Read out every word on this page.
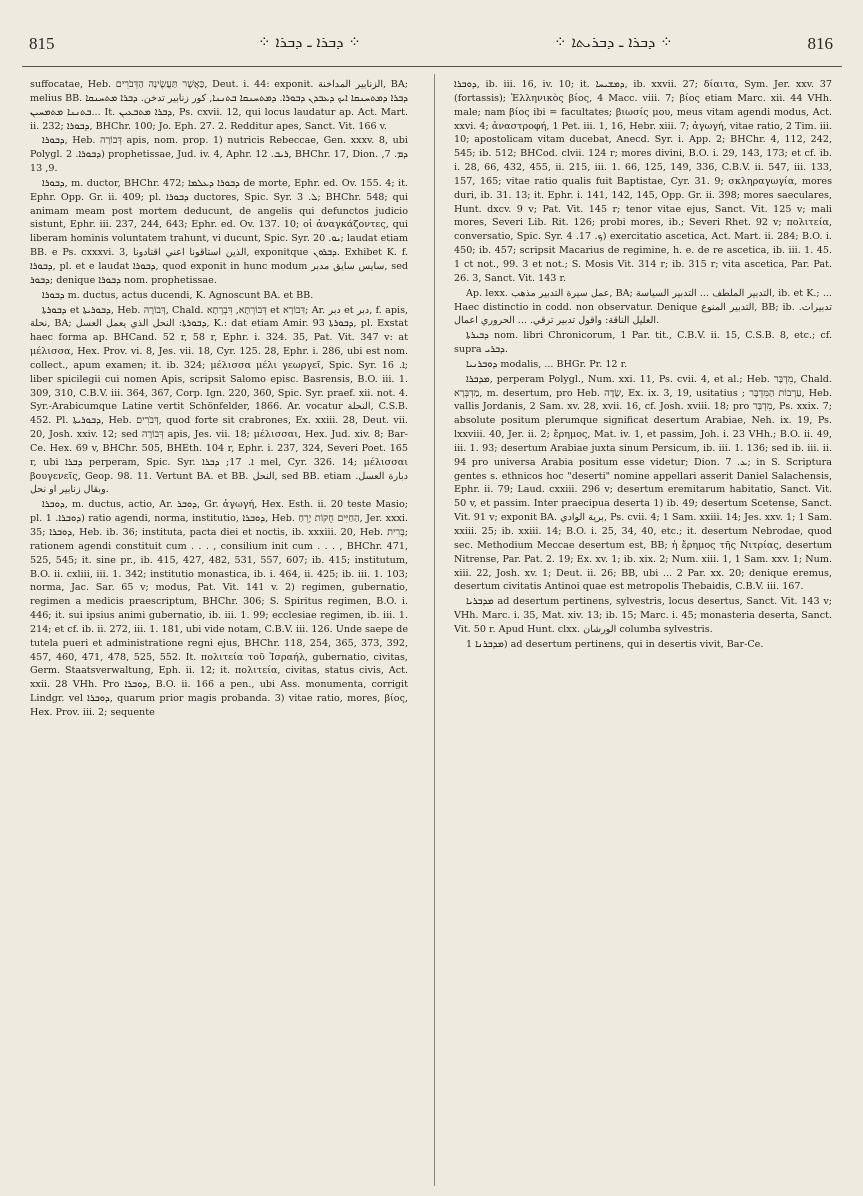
815	⁘ ܕܒܪܐ ـ ܕܒܪܐ ⁘	⁘ ܕܒܪܐ ـ ܕܒܪܝܬܐ ⁘	816

suffocatae, Heb. כַּאֲשֶׁר תַּעֲשֶׂינָה הַדְּבֹרִים, Deut. i. 44: exponit. الزنابير المداخنة, BA; melius BB. ܕܒܪܐ ܕܡܬܚܢܩܐ ܐܝܟ ܕܥܒܕܢ ܕܒܘܪܐ. ܕܡܬܚܢܩܐ ܒܬܢܢܐ, كور زنابير تدخن. ܕܒܪܐ ܡܬܚܢܩܐ ܒܬܢܢܐ ܡܬܡܚܝܢ... It. ܕܒܪܐ ܡܬܒܥܝܢ, Ps. cxvii. 12, qui locus laudatur ap. Act. Mart. ii. 232; ܕܒܘܪܐ, BHChr. 100; Jo. Eph. 27. 2. Redditur apes, Sanct. Vit. 166 v.

ܕܒܘܪܐ, Heb. דְּבוֹרָה apis, nom. prop. 1) nutricis Rebeccae, Gen. xxxv. 8, ubi Polygl. ܕܒܘܪܐ. 2) prophetissae, Jud. iv. 4, Aphr. ܪܝܒ. 12, BHChr. 17, Dion. ܕܡ. 7, 9, 13.

ܕܒܘܪܐ, m. ductor, BHChr. 472; ܕܒܘܪܐ ܕܥܠܡܐ de morte, Ephr. ed. Ov. 155. 4; it. Ephr. Opp. Gr. ii. 409; pl. ܕܒܘܪܐ ductores, Spic. Syr. ܠ. 3; BHChr. 548; qui animam meam post mortem deducunt, de angelis qui defunctos judicio sistunt, Ephr. iii. 237, 244, 643; Ephr. ed. Ov. 137. 10; οἱ ἀναγκάζοντες, qui liberam hominis voluntatem trahunt, vi ducunt, Spic. Syr. ܝܘ. 20; laudat etiam BB. e Ps. cxxxvi. 3, الذين استاقونا اعني اقتادونا, exponitque ܕܒܪܘܢ. Exhibet K. f. ܕܒܘܪܐ, pl. et e laudat ܕܒܘܪܐ, quod exponit in hunc modum سايس سايق مدبر, sed ܕܒܘܪ; denique ܕܒܘܪܐ nom. prophetissae.

ܕܒܘܪܐ m. ductus, actus ducendi, K. Agnoscunt BA. et BB.

ܕܒܘܪܬܐ et ܕܒܘܪܝܬܐ, Heb. דְּבוֹרָה, Chald. דְּבוֹרְתָא, דִּבְרְתָא et דִּבוֹרָא; Ar. دبر et دبر, f. apis, نحلة, BA; ܕܒܘܪܬܐ: النحل الذي يعمل العسل, K.: dat etiam Amir. 93 ܕܒܘܪܬܐ, pl. Exstat haec forma ap. BHCand. 52 r, 58 r, Ephr. i. 324. 35, Pat. Vit. 347 v: at μέλισσα, Hex. Prov. vi. 8, Jes. vii. 18, Cyr. 125. 28, Ephr. i. 286, ubi est nom. collect., apum examen; it. ib. 324; μέλισσα μέλι γεωργεῖ, Spic. Syr. ܐ. 16; liber spicilegii cui nomen Apis, scripsit Salomo episc. Basrensis, B.O. iii. 1. 309, 310, C.B.V. iii. 364, 367, Corp. Ign. 220, 360, Spic. Syr. praef. xii. not. 4. Syr.-Arabicumque Latine vertit Schönfelder, 1866. Ar. vocatur النحلة, C.S.B. 452. Pl. ܕܒܘܪܝܬܐ, Heb. דְּבֹרִים, quod forte sit crabrones, Ex. xxiii. 28, Deut. vii. 20, Josh. xxiv. 12; sed דְּבוֹרָה apis, Jes. vii. 18; μέλισσαι, Hex. Jud. xiv. 8; Bar-Ce. Hex. 69 v, BHChr. 505, BHEth. 104 r, Ephr. i. 237, 324, Severi Poet. 165 r, ubi ܕܒܪܐ perperam, Spic. Syr. ܐ. 17; ܕܒܪܐ mel, Cyr. 326. 14; μέλισσαι βουγενεῖς, Geop. 98. 11. Vertunt BA. et BB. النحل, sed BB. etiam دبارة العسل. وبقال زنابير او نحل.

ܕܘܒܪܐ, m. ductus, actio, Ar. ܕܘܒܪ, Gr. ἀγωγή, Hex. Esth. ii. 20 teste Masio; pl. ܕܘܒܪܐ. 1) ratio agendi, norma, institutio, ܕܘܒܪܐ, Heb. הַחַיִּים חֻקּוֹת יָרֵחַ, Jer. xxxi. 35; ܕܘܒܪܐ, Heb. ib. 36; instituta, pacta diei et noctis, ib. xxxiii. 20, Heb. בְּרִית; rationem agendi constituit cum . . . , consilium init cum . . . , BHChr. 471, 525, 545; it. sine pr., ib. 415, 427, 482, 531, 557, 607; ib. 415; institutum, B.O. ii. cxliii, iii. 1. 342; institutio monastica, ib. i. 464, ii. 425; ib. iii. 1. 103; norma, Jac. Sar. 65 v; modus, Pat. Vit. 141 v. 2) regimen, gubernatio, regimen a medicis praescriptum, BHChr. 306; S. Spiritus regimen, B.O. i. 446; it. sui ipsius animi gubernatio, ib. iii. 1. 99; ecclesiae regimen, ib. iii. 1. 214; et cf. ib. ii. 272, iii. 1. 181, ubi vide notam, C.B.V. iii. 126. Unde saepe de tutela pueri et administratione regni ejus, BHChr. 118, 254, 365, 373, 392, 457, 460, 471, 478, 525, 552. It. πολιτεία τοῦ Ἰσραήλ, gubernatio, civitas, Germ. Staatsverwaltung, Eph. ii. 12; it. πολιτεία, civitas, status civis, Act. xxii. 28 VHh. Pro ܕܘܒܪܐ, B.O. ii. 166 a pen., ubi Ass. monumenta, corrigit Lindgr. vel ܕܘܒܪܐ, quarum prior magis probanda. 3) vitae ratio, mores, βίος, Hex. Prov. iii. 2; sequente

ܕܘܒܪܐ, ib. iii. 16, iv. 10; it. ܕܡܫܝܚܐ, ib. xxvii. 27; δίαιτα, Sym. Jer. xxv. 37 (fortassis); Ἑλληνικὸς βίος, 4 Macc. viii. 7; βίος etiam Marc. xii. 44 VHh. male; nam βίος ibi = facultates; βιωσίς μου, meus vitam agendi modus, Act. xxvi. 4; ἀναστροφή, 1 Pet. iii. 1, 16, Hebr. xiii. 7; ἀγωγή, vitae ratio, 2 Tim. iii. 10; apostolicam vitam ducebat, Anecd. Syr. i. App. 2; BHChr. 4, 112, 242, 545; ib. 512; BHCod. clvii. 124 r; mores divini, B.O. i. 29, 143, 173; et cf. ib. i. 28, 66, 432, 455, ii. 215, iii. 1. 66, 125, 149, 336, C.B.V. ii. 547, iii. 133, 157, 165; vitae ratio qualis fuit Baptistae, Cyr. 31. 9; σκληραγωγία, mores duri, ib. 31. 13; it. Ephr. i. 141, 142, 145, Opp. Gr. ii. 398; mores saeculares, Hunt. dxcv. 9 v; Pat. Vit. 145 r; tenor vitae ejus, Sanct. Vit. 125 v; mali mores, Severi Lib. Rit. 126; probi mores, ib.; Severi Rhet. 92 v; πολιτεία, conversatio, Spic. Syr. ܟ. 17. 4) exercitatio ascetica, Act. Mart. ii. 284; B.O. i. 450; ib. 457; scripsit Macarius de regimine, h. e. de re ascetica, ib. iii. 1. 45. 1 ct not., 99. 3 et not.; S. Mosis Vit. 314 r; ib. 315 r; vita ascetica, Par. Pat. 26. 3, Sanct. Vit. 143 r.

Ap. lexx. عمل سيرة التدبير مذهب, BA; التدبير الملطف ... التدبير السياسة, ib. et K.; ... Haec distinctio in codd. non observatur. Denique التدبير المنوع, BB; ib. تدبيرات. العليل الناقة: واقول تدبير ترقي. ... الحروري اعمال.

ܕܒܝܪܬܐ nom. libri Chronicorum, 1 Par. tit., C.B.V. ii. 15, C.S.B. 8, etc.; cf. supra ܕܒܪܝ.

ܕܘܒܪܢܝܐ modalis, ... BHGr. Pr. 12 r.

ܡܕܒܪܐ, perperam Polygl., Num. xxi. 11, Ps. cvii. 4, et al.; Heb. מִדְבָּר, Chald. מַדְבְּרָא, m. desertum, pro Heb. שָׂדֶה, Ex. ix. 3, 19, usitatius ; עַרְבוֹת הַמִּדְבָּר, Heb. vallis Jordanis, 2 Sam. xv. 28, xvii. 16, cf. Josh. xviii. 18; pro מִדְבָּר, Ps. xxix. 7; absolute positum plerumque significat desertum Arabiae, Neh. ix. 19, Ps. lxxviii. 40, Jer. ii. 2; ἔρημος, Mat. iv. 1, et passim, Joh. i. 23 VHh.; B.O. ii. 49, iii. 1. 93; desertum Arabiae juxta sinum Persicum, ib. iii. 1. 136; sed ib. iii. ii. 94 pro universa Arabia positum esse videtur; Dion. ܥ. 7; in S. Scriptura gentes s. ethnicos hoc "deserti" nomine appellari asserit Daniel Salachensis, Ephr. ii. 79; Laud. cxxiii. 296 v; desertum eremitarum habitatio, Sanct. Vit. 50 v, et passim. Inter praecipua deserta 1) ib. 49; desertum Scetense, Sanct. Vit. 91 v; exponit BA. برية الوادي, Ps. cvii. 4; 1 Sam. xxiii. 14; Jes. xxv. 1; 1 Sam. xxiii. 25; ib. xxiii. 14; B.O. i. 25, 34, 40, etc.; it. desertum Nebrodae, quod sec. Methodium Meccae desertum est, BB; ἡ ἔρημος τῆς Νιτρίας, desertum Nitrense, Par. Pat. 2. 19; Ex. xv. 1; ib. xix. 2; Num. xiii. 1, 1 Sam. xxv. 1; Num. xiii. 22, Josh. xv. 1; Deut. ii. 26; BB, ubi ... 2 Par. xx. 20; denique eremus, desertum civitatis Antinoi quae est metropolis Thebaidis, C.B.V. iii. 167.

ܡܕܒܪܝܐ ad desertum pertinens, sylvestris, locus desertus, Sanct. Vit. 143 v; VHh. Marc. i. 35, Mat. xiv. 13; ib. 15; Marc. i. 45; monasteria deserta, Sanct. Vit. 50 r. Apud Hunt. clxx. الورشان columba sylvestris.

ܡܕܒܪܢܐ 1) ad desertum pertinens, qui in desertis vivit, Bar-Ce.
